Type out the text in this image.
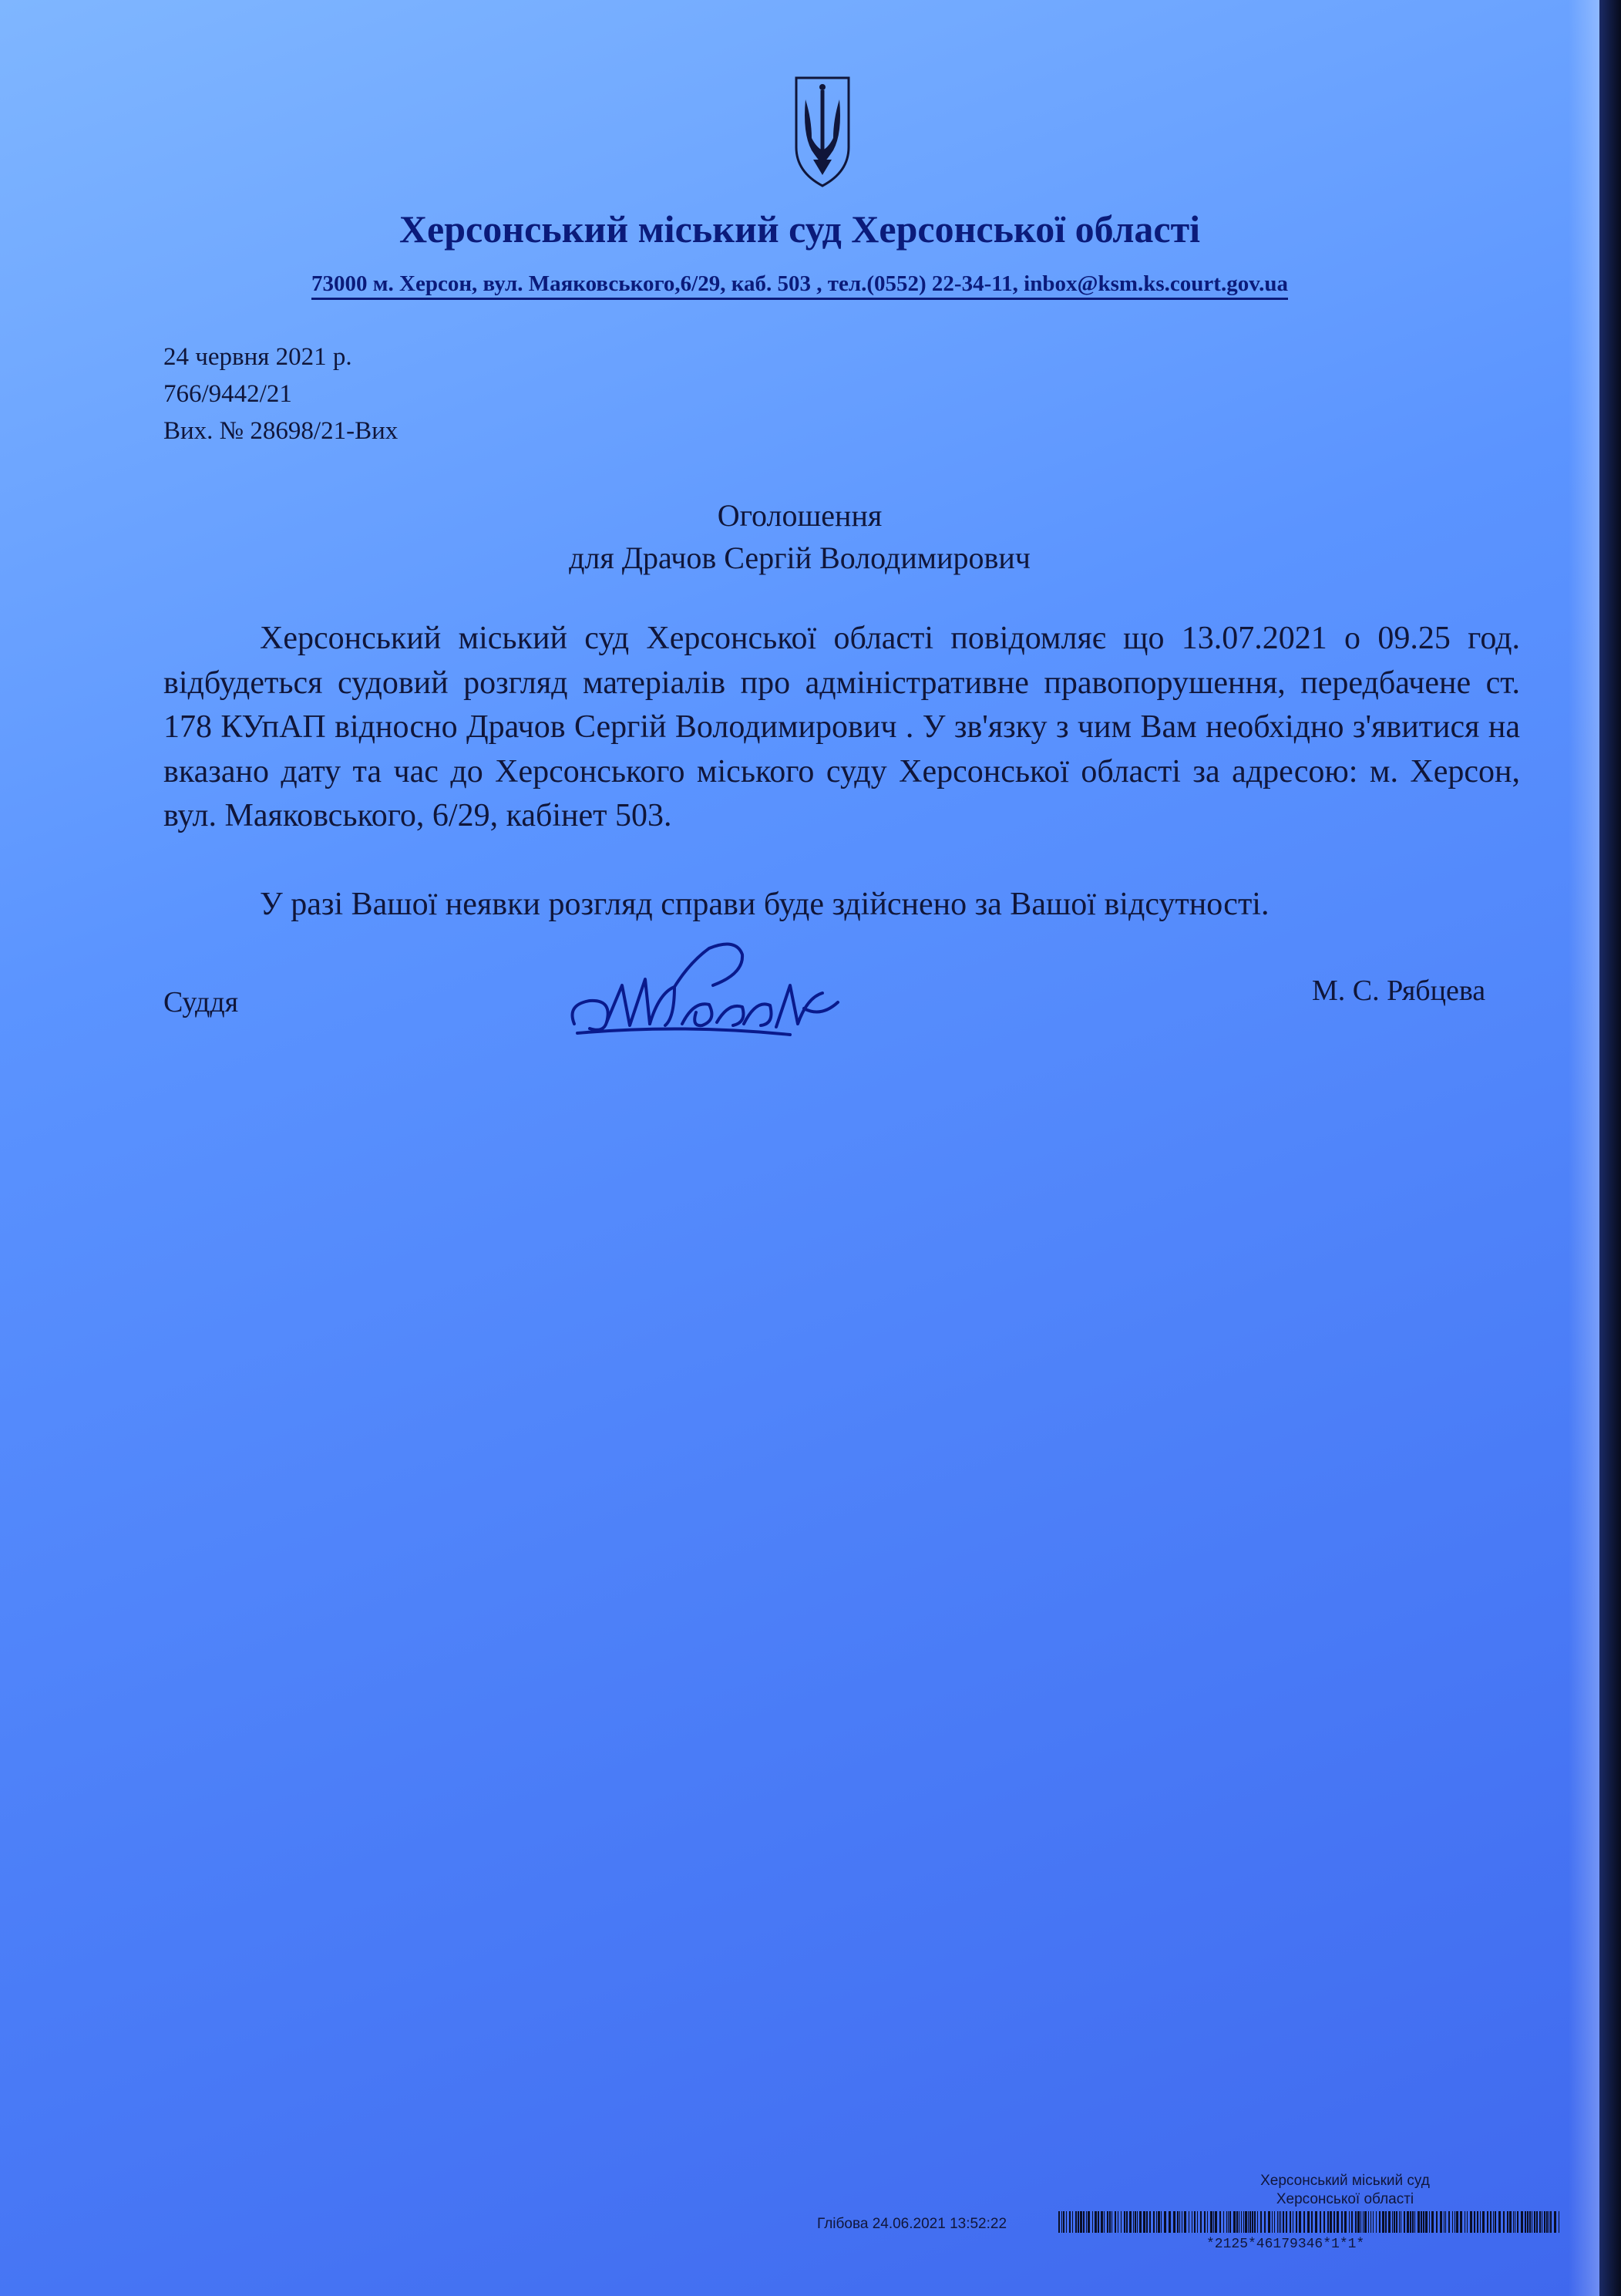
Херсонський міський суд Херсонської області
73000 м. Херсон, вул. Маяковського,6/29, каб. 503 , тел.(0552) 22-34-11, inbox@ksm.ks.court.gov.ua
24 червня 2021 р.
766/9442/21
Вих. № 28698/21-Вих
Оголошення
для Драчов Сергій Володимирович

Херсонський міський суд Херсонської області повідомляє що 13.07.2021 о 09.25 год. відбудеться судовий розгляд матеріалів про адміністративне правопорушення, передбачене ст. 178 КУпАП відносно Драчов Сергій Володимирович . У зв'язку з чим Вам необхідно з'явитися на вказано дату та час до Херсонського міського суду Херсонської області за адресою: м. Херсон, вул. Маяковського, 6/29, кабінет 503.

У разі Вашої неявки розгляд справи буде здійснено за Вашої відсутності.

Суддя	М. С. Рябцева
Херсонський міський суд
Херсонської області
Глібова 24.06.2021 13:52:22
*2125*46179346*1*1*
